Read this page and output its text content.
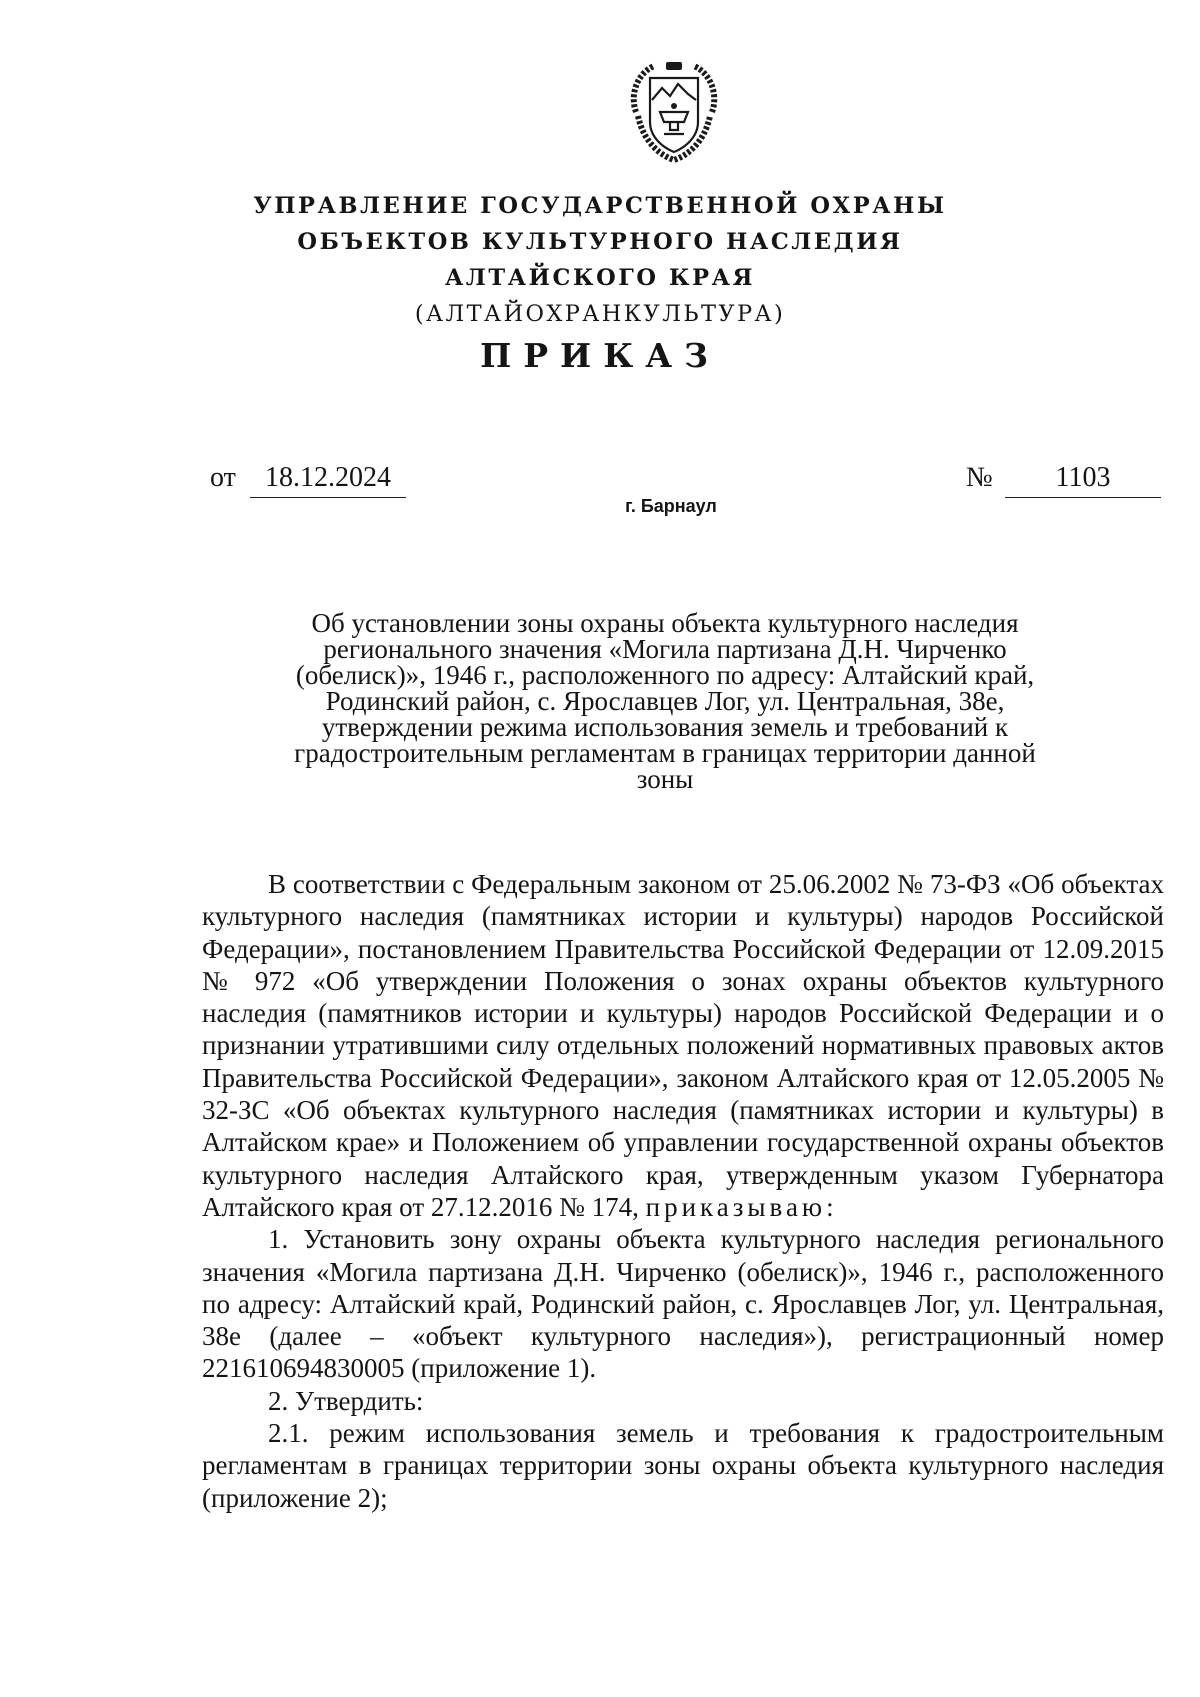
УПРАВЛЕНИЕ ГОСУДАРСТВЕННОЙ ОХРАНЫ
ОБЪЕКТОВ КУЛЬТУРНОГО НАСЛЕДИЯ
АЛТАЙСКОГО КРАЯ
(АЛТАЙОХРАНКУЛЬТУРА)
ПРИКАЗ
от	18.12.2024	№	1103
г. Барнаул
Об установлении зоны охраны объекта культурного наследия регионального значения «Могила партизана Д.Н. Чирченко (обелиск)», 1946 г., расположенного по адресу: Алтайский край, Родинский район, с. Ярославцев Лог, ул. Центральная, 38е, утверждении режима использования земель и требований к градостроительным регламентам в границах территории данной зоны

В соответствии с Федеральным законом от 25.06.2002 № 73-ФЗ «Об объектах культурного наследия (памятниках истории и культуры) народов Российской Федерации», постановлением Правительства Российской Федерации от 12.09.2015 № 972 «Об утверждении Положения о зонах охраны объектов культурного наследия (памятников истории и культуры) народов Российской Федерации и о признании утратившими силу отдельных положений нормативных правовых актов Правительства Российской Федерации», законом Алтайского края от 12.05.2005 № 32-ЗС «Об объектах культурного наследия (памятниках истории и культуры) в Алтайском крае» и Положением об управлении государственной охраны объектов культурного наследия Алтайского края, утвержденным указом Губернатора Алтайского края от 27.12.2016 № 174, приказываю:

1. Установить зону охраны объекта культурного наследия регионального значения «Могила партизана Д.Н. Чирченко (обелиск)», 1946 г., расположенного по адресу: Алтайский край, Родинский район, с. Ярославцев Лог, ул. Центральная, 38е (далее – «объект культурного наследия»), регистрационный номер 221610694830005 (приложение 1).

2. Утвердить:

2.1. режим использования земель и требования к градостроительным регламентам в границах территории зоны охраны объекта культурного наследия (приложение 2);
